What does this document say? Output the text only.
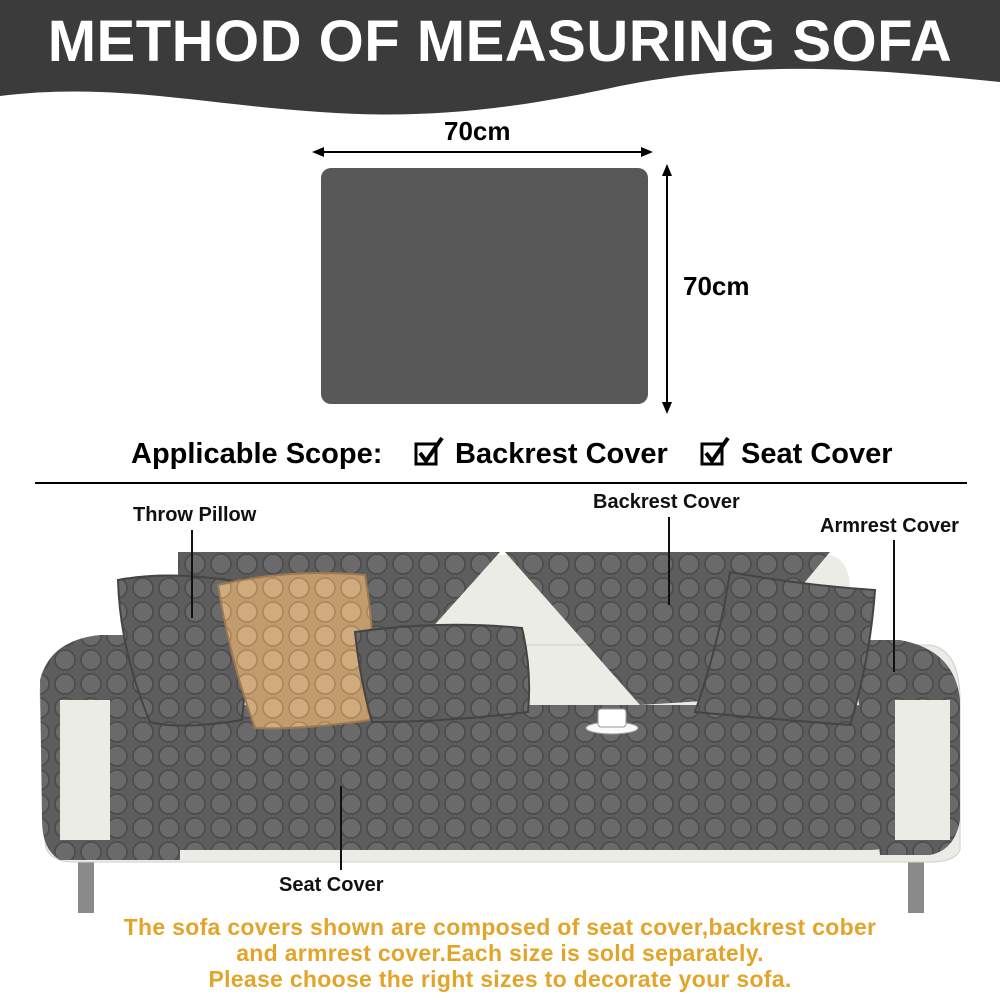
METHOD OF MEASURING SOFA
70cm
70cm
Applicable Scope:	Backrest Cover	Seat Cover
Throw Pillow
Backrest Cover
Armrest Cover
Seat Cover
The sofa covers shown are composed of seat cover,backrest cober
and armrest cover.Each size is sold separately.
Please choose the right sizes to decorate your sofa.
